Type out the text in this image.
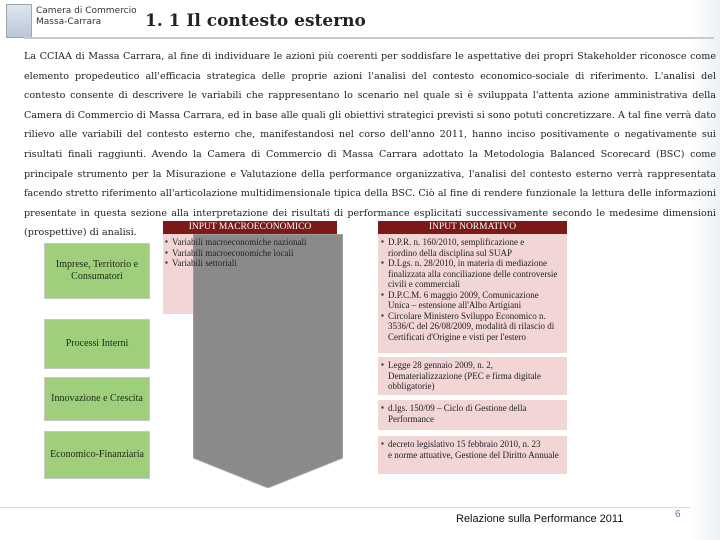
Camera di Commercio
Massa-Carrara	1. 1 Il contesto esterno
La CCIAA di Massa Carrara, al fine di individuare le azioni più coerenti per soddisfare le aspettative dei propri Stakeholder riconosce come elemento propedeutico all'efficacia strategica delle proprie azioni l'analisi del contesto economico-sociale di riferimento. L'analisi del contesto consente di descrivere le variabili che rappresentano lo scenario nel quale si è sviluppata l'attenta azione amministrativa della Camera di Commercio di Massa Carrara, ed in base alle quali gli obiettivi strategici previsti si sono potuti concretizzare. A tal fine verrà dato rilievo alle variabili del contesto esterno che, manifestandosi nel corso dell'anno 2011, hanno inciso positivamente o negativamente sui risultati finali raggiunti. Avendo la Camera di Commercio di Massa Carrara adottato la Metodologia Balanced Scorecard (BSC) come principale strumento per la Misurazione e Valutazione della performance organizzativa, l'analisi del contesto esterno verrà rappresentata facendo stretto riferimento all'articolazione multidimensionale tipica della BSC. Ciò al fine di rendere funzionale la lettura delle informazioni presentate in questa sezione alla interpretazione dei risultati di performance esplicitati successivamente secondo le medesime dimensioni (prospettive) di analisi.
INPUT MACROECONOMICO
▪ Variabili macroeconomiche nazionali
▪ Variabili macroeconomiche locali
▪ Variabili settoriali
Imprese, Territorio e Consumatori
Processi Interni
Innovazione e Crescita
Economico-Finanziaria
INPUT NORMATIVO
▪ D.P.R. n. 160/2010, semplificazione e
riordino della disciplina sul SUAP
▪ D.Lgs. n. 28/2010, in materia di mediazione
finalizzata alla conciliazione delle controversie civili e commerciali
▪ D.P.C.M. 6 maggio 2009, Comunicazione
Unica – estensione all'Albo Artigiani
▪ Circolare Ministero Sviluppo Economico n.
3536/C del 26/08/2009, modalità di rilascio di Certificati d'Origine e visti per l'estero
▪ Legge 28 gennaio 2009, n. 2,
Dematerializzazione (PEC e firma digitale obbligatorie)
▪ d.lgs. 150/09 – Ciclo di Gestione della
Performance
▪ decreto legislativo 15 febbraio 2010, n. 23
e norme attuative, Gestione del Diritto Annuale
Relazione sulla Performance 2011	6
